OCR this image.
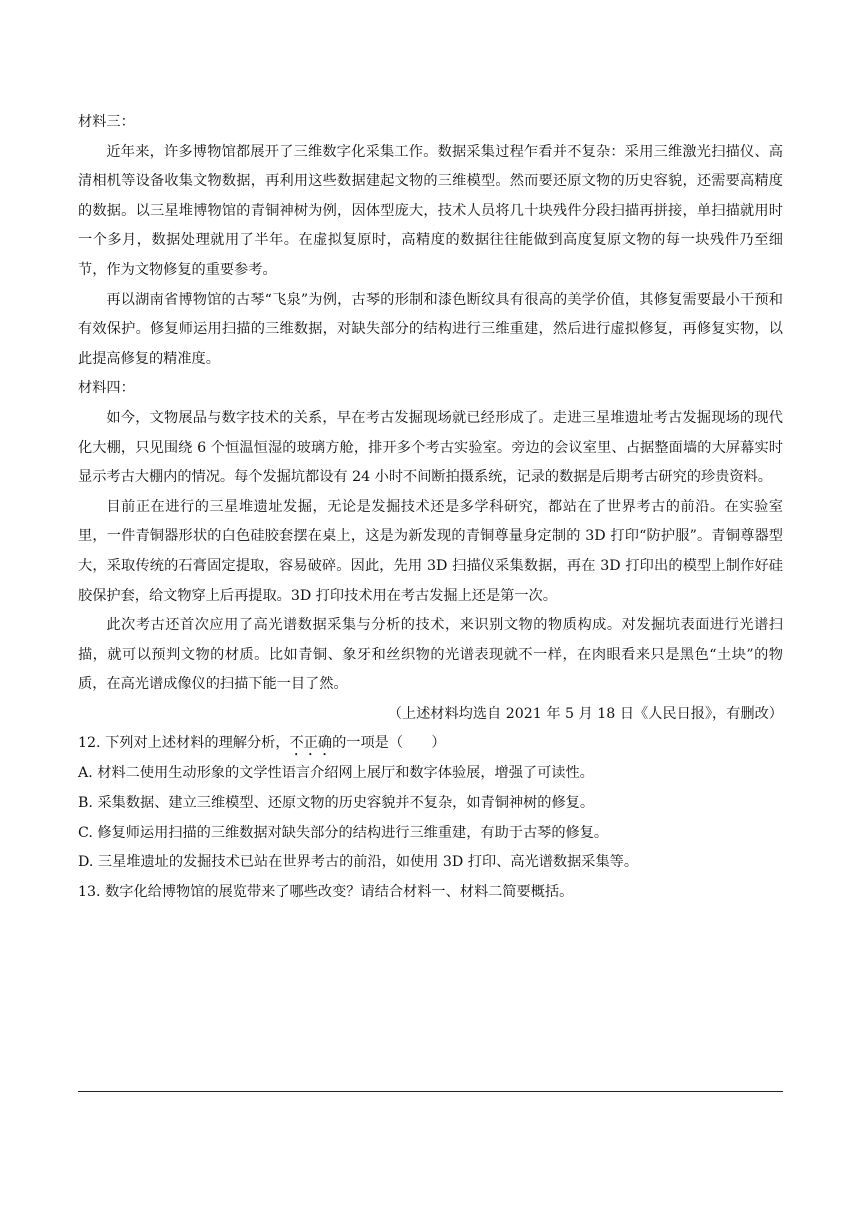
材料三：

近年来，许多博物馆都展开了三维数字化采集工作。数据采集过程乍看并不复杂：采用三维激光扫描仪、高清相机等设备收集文物数据，再利用这些数据建起文物的三维模型。然而要还原文物的历史容貌，还需要高精度的数据。以三星堆博物馆的青铜神树为例，因体型庞大，技术人员将几十块残件分段扫描再拼接，单扫描就用时一个多月，数据处理就用了半年。在虚拟复原时，高精度的数据往往能做到高度复原文物的每一块残件乃至细节，作为文物修复的重要参考。

再以湖南省博物馆的古琴“飞泉”为例，古琴的形制和漆色断纹具有很高的美学价值，其修复需要最小干预和有效保护。修复师运用扫描的三维数据，对缺失部分的结构进行三维重建，然后进行虚拟修复，再修复实物，以此提高修复的精准度。

材料四：

如今，文物展品与数字技术的关系，早在考古发掘现场就已经形成了。走进三星堆遗址考古发掘现场的现代化大棚，只见围绕 6 个恒温恒湿的玻璃方舱，排开多个考古实验室。旁边的会议室里、占据整面墙的大屏幕实时显示考古大棚内的情况。每个发掘坑都设有 24 小时不间断拍摄系统，记录的数据是后期考古研究的珍贵资料。

目前正在进行的三星堆遗址发掘，无论是发掘技术还是多学科研究，都站在了世界考古的前沿。在实验室里，一件青铜器形状的白色硅胶套摆在桌上，这是为新发现的青铜尊量身定制的 3D 打印“防护服”。青铜尊器型大，采取传统的石膏固定提取，容易破碎。因此，先用 3D 扫描仪采集数据，再在 3D 打印出的模型上制作好硅胶保护套，给文物穿上后再提取。3D 打印技术用在考古发掘上还是第一次。

此次考古还首次应用了高光谱数据采集与分析的技术，来识别文物的物质构成。对发掘坑表面进行光谱扫描，就可以预判文物的材质。比如青铜、象牙和丝织物的光谱表现就不一样，在肉眼看来只是黑色“土块”的物质，在高光谱成像仪的扫描下能一目了然。

（上述材料均选自 2021 年 5 月 18 日《人民日报》，有删改）

12. 下列对上述材料的理解分析，不正确的一项是（　　）

A. 材料二使用生动形象的文学性语言介绍网上展厅和数字体验展，增强了可读性。

B. 采集数据、建立三维模型、还原文物的历史容貌并不复杂，如青铜神树的修复。

C. 修复师运用扫描的三维数据对缺失部分的结构进行三维重建，有助于古琴的修复。

D. 三星堆遗址的发掘技术已站在世界考古的前沿，如使用 3D 打印、高光谱数据采集等。

13. 数字化给博物馆的展览带来了哪些改变？请结合材料一、材料二简要概括。
